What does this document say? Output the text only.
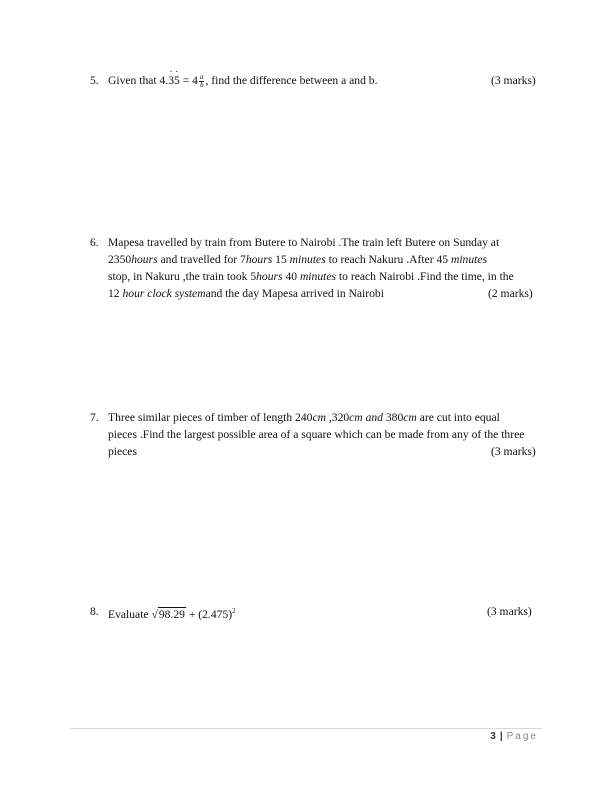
5. Given that 4.3 ˙5 ˙ = $4 \frac{a}{b}$ , find the difference between a and b.	(3 marks)
6. Mapesa travelled by train from Butere to Nairobi .The train left Butere on Sunday at
2350hours and travelled for 7hours 15 minutes to reach Nakuru .After 45 minutes
stop, in Nakuru ,the train took 5hours 40 minutes to reach Nairobi .Find the time, in the
12 hour clock systemand the day Mapesa arrived in Nairobi	(2 marks)
7. Three similar pieces of timber of length 240cm ,320cm and 380cm are cut into equal
pieces .Find the largest possible area of a square which can be made from any of the three
pieces	(3 marks)
8. Evaluate $√98.29 + (2.475)^2$	(3 marks)
3 | Page
